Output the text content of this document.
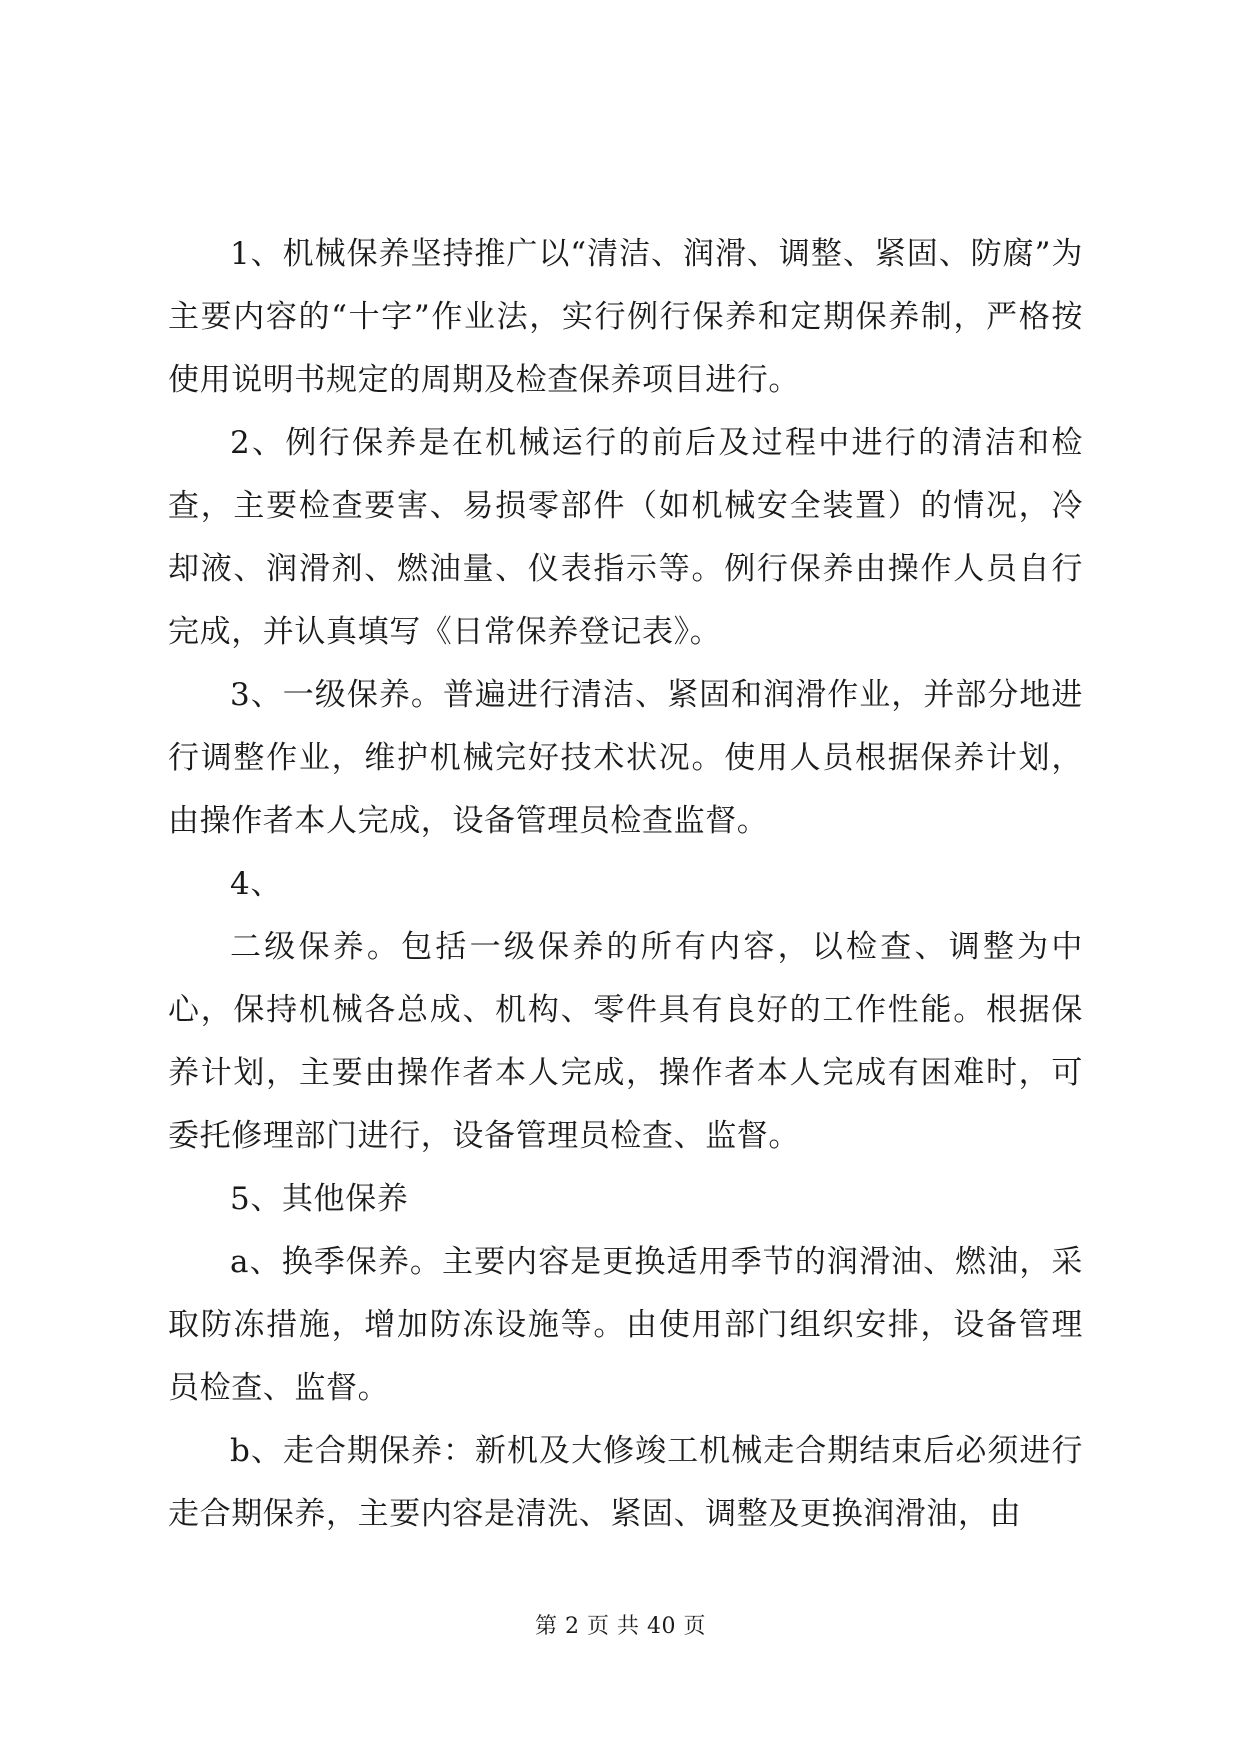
1、机械保养坚持推广以“清洁、润滑、调整、紧固、防腐”为主要内容的“十字”作业法，实行例行保养和定期保养制，严格按使用说明书规定的周期及检查保养项目进行。

2、例行保养是在机械运行的前后及过程中进行的清洁和检查，主要检查要害、易损零部件（如机械安全装置）的情况，冷却液、润滑剂、燃油量、仪表指示等。例行保养由操作人员自行完成，并认真填写《日常保养登记表》。

3、一级保养。普遍进行清洁、紧固和润滑作业，并部分地进行调整作业，维护机械完好技术状况。使用人员根据保养计划，由操作者本人完成，设备管理员检查监督。

4、

二级保养。包括一级保养的所有内容，以检查、调整为中心，保持机械各总成、机构、零件具有良好的工作性能。根据保养计划，主要由操作者本人完成，操作者本人完成有困难时，可委托修理部门进行，设备管理员检查、监督。

5、其他保养

a、换季保养。主要内容是更换适用季节的润滑油、燃油，采取防冻措施，增加防冻设施等。由使用部门组织安排，设备管理员检查、监督。

b、走合期保养：新机及大修竣工机械走合期结束后必须进行走合期保养，主要内容是清洗、紧固、调整及更换润滑油，由

第 2 页 共 40 页
